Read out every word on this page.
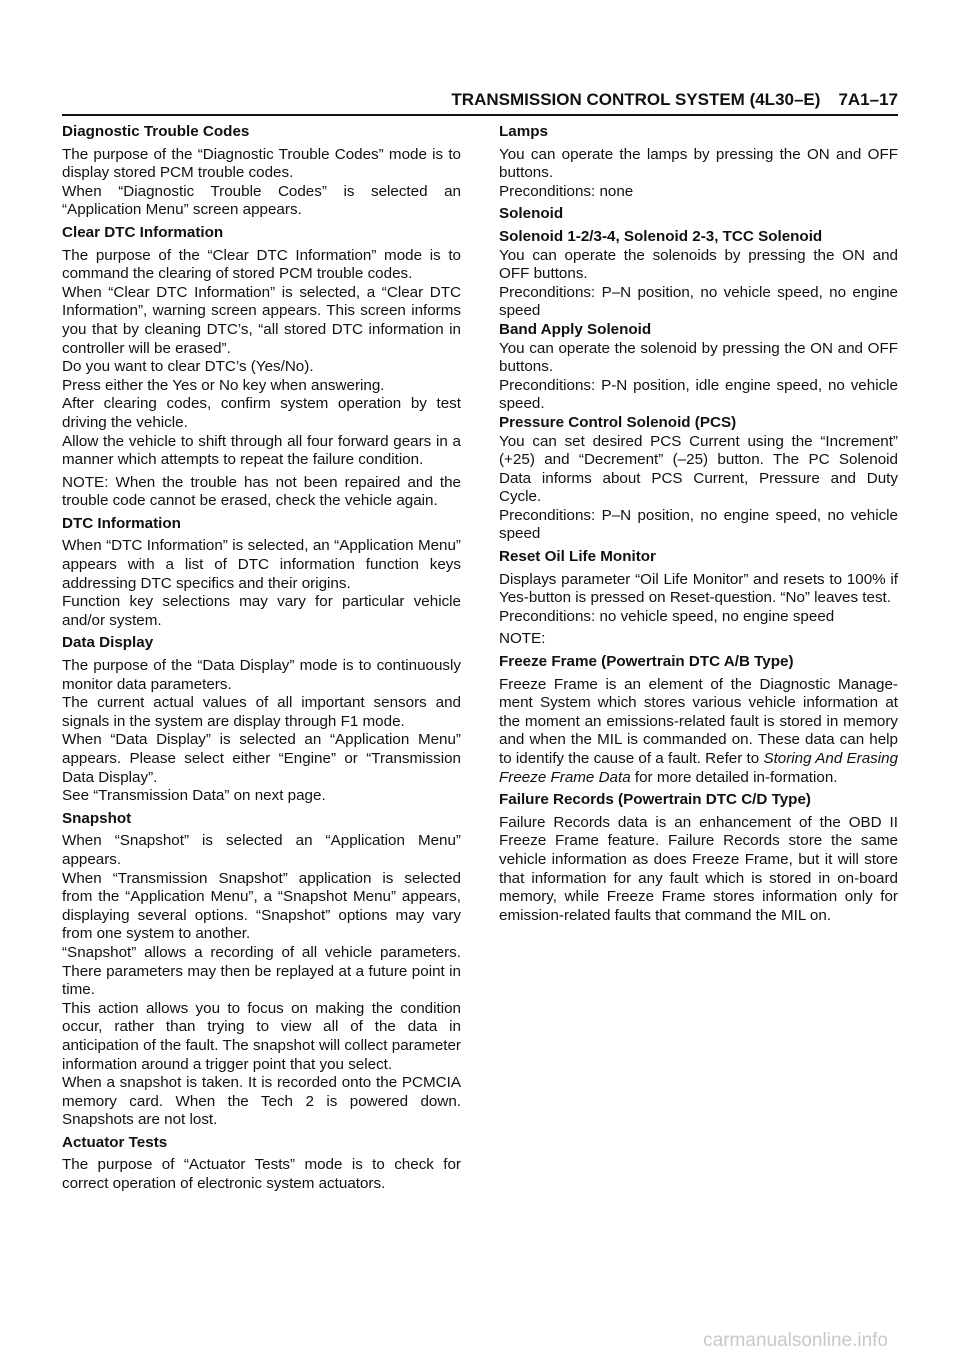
TRANSMISSION CONTROL SYSTEM (4L30–E) 7A1–17
Diagnostic Trouble Codes
The purpose of the “Diagnostic Trouble Codes” mode is to display stored PCM trouble codes.
When “Diagnostic Trouble Codes” is selected an “Application Menu” screen appears.
Clear DTC Information
The purpose of the “Clear DTC Information” mode is to command the clearing of stored PCM trouble codes.
When “Clear DTC Information” is selected, a “Clear DTC Information”, warning screen appears. This screen informs you that by cleaning DTC’s, “all stored DTC information in controller will be erased”.
Do you want to clear DTC’s (Yes/No).
Press either the Yes or No key when answering.
After clearing codes, confirm system operation by test driving the vehicle.
Allow the vehicle to shift through all four forward gears in a manner which attempts to repeat the failure condition.
NOTE: When the trouble has not been repaired and the trouble code cannot be erased, check the vehicle again.
DTC Information
When “DTC Information” is selected, an “Application Menu” appears with a list of DTC information function keys addressing DTC specifics and their origins.
Function key selections may vary for particular vehicle and/or system.
Data Display
The purpose of the “Data Display” mode is to continuously monitor data parameters.
The current actual values of all important sensors and signals in the system are display through F1 mode.
When “Data Display” is selected an “Application Menu” appears. Please select either “Engine” or “Transmission Data Display”.
See “Transmission Data” on next page.
Snapshot
When “Snapshot” is selected an “Application Menu” appears.
When “Transmission Snapshot” application is selected from the “Application Menu”, a “Snapshot Menu” appears, displaying several options. “Snapshot” options may vary from one system to another.
“Snapshot” allows a recording of all vehicle parameters. There parameters may then be replayed at a future point in time.
This action allows you to focus on making the condition occur, rather than trying to view all of the data in anticipation of the fault. The snapshot will collect parameter information around a trigger point that you select.
When a snapshot is taken. It is recorded onto the PCMCIA memory card. When the Tech 2 is powered down. Snapshots are not lost.
Actuator Tests
The purpose of “Actuator Tests” mode is to check for correct operation of electronic system actuators.
Lamps
You can operate the lamps by pressing the ON and OFF buttons.
Preconditions: none
Solenoid
Solenoid 1-2/3-4, Solenoid 2-3, TCC Solenoid
You can operate the solenoids by pressing the ON and OFF buttons.
Preconditions: P–N position, no vehicle speed, no engine speed
Band Apply Solenoid
You can operate the solenoid by pressing the ON and OFF buttons.
Preconditions: P-N position, idle engine speed, no vehicle speed.
Pressure Control Solenoid (PCS)
You can set desired PCS Current using the “Increment” (+25) and “Decrement” (–25) button. The PC Solenoid Data informs about PCS Current, Pressure and Duty Cycle.
Preconditions: P–N position, no engine speed, no vehicle speed
Reset Oil Life Monitor
Displays parameter “Oil Life Monitor” and resets to 100% if Yes-button is pressed on Reset-question. “No” leaves test.
Preconditions: no vehicle speed, no engine speed
NOTE:
Freeze Frame (Powertrain DTC A/B Type)
Freeze Frame is an element of the Diagnostic Manage-ment System which stores various vehicle information at the moment an emissions-related fault is stored in memory and when the MIL is commanded on. These data can help to identify the cause of a fault. Refer to Storing And Erasing Freeze Frame Data for more detailed in-formation.
Failure Records (Powertrain DTC C/D Type)
Failure Records data is an enhancement of the OBD II Freeze Frame feature. Failure Records store the same vehicle information as does Freeze Frame, but it will store that information for any fault which is stored in on-board memory, while Freeze Frame stores information only for emission-related faults that command the MIL on.
carmanualsonline.info
